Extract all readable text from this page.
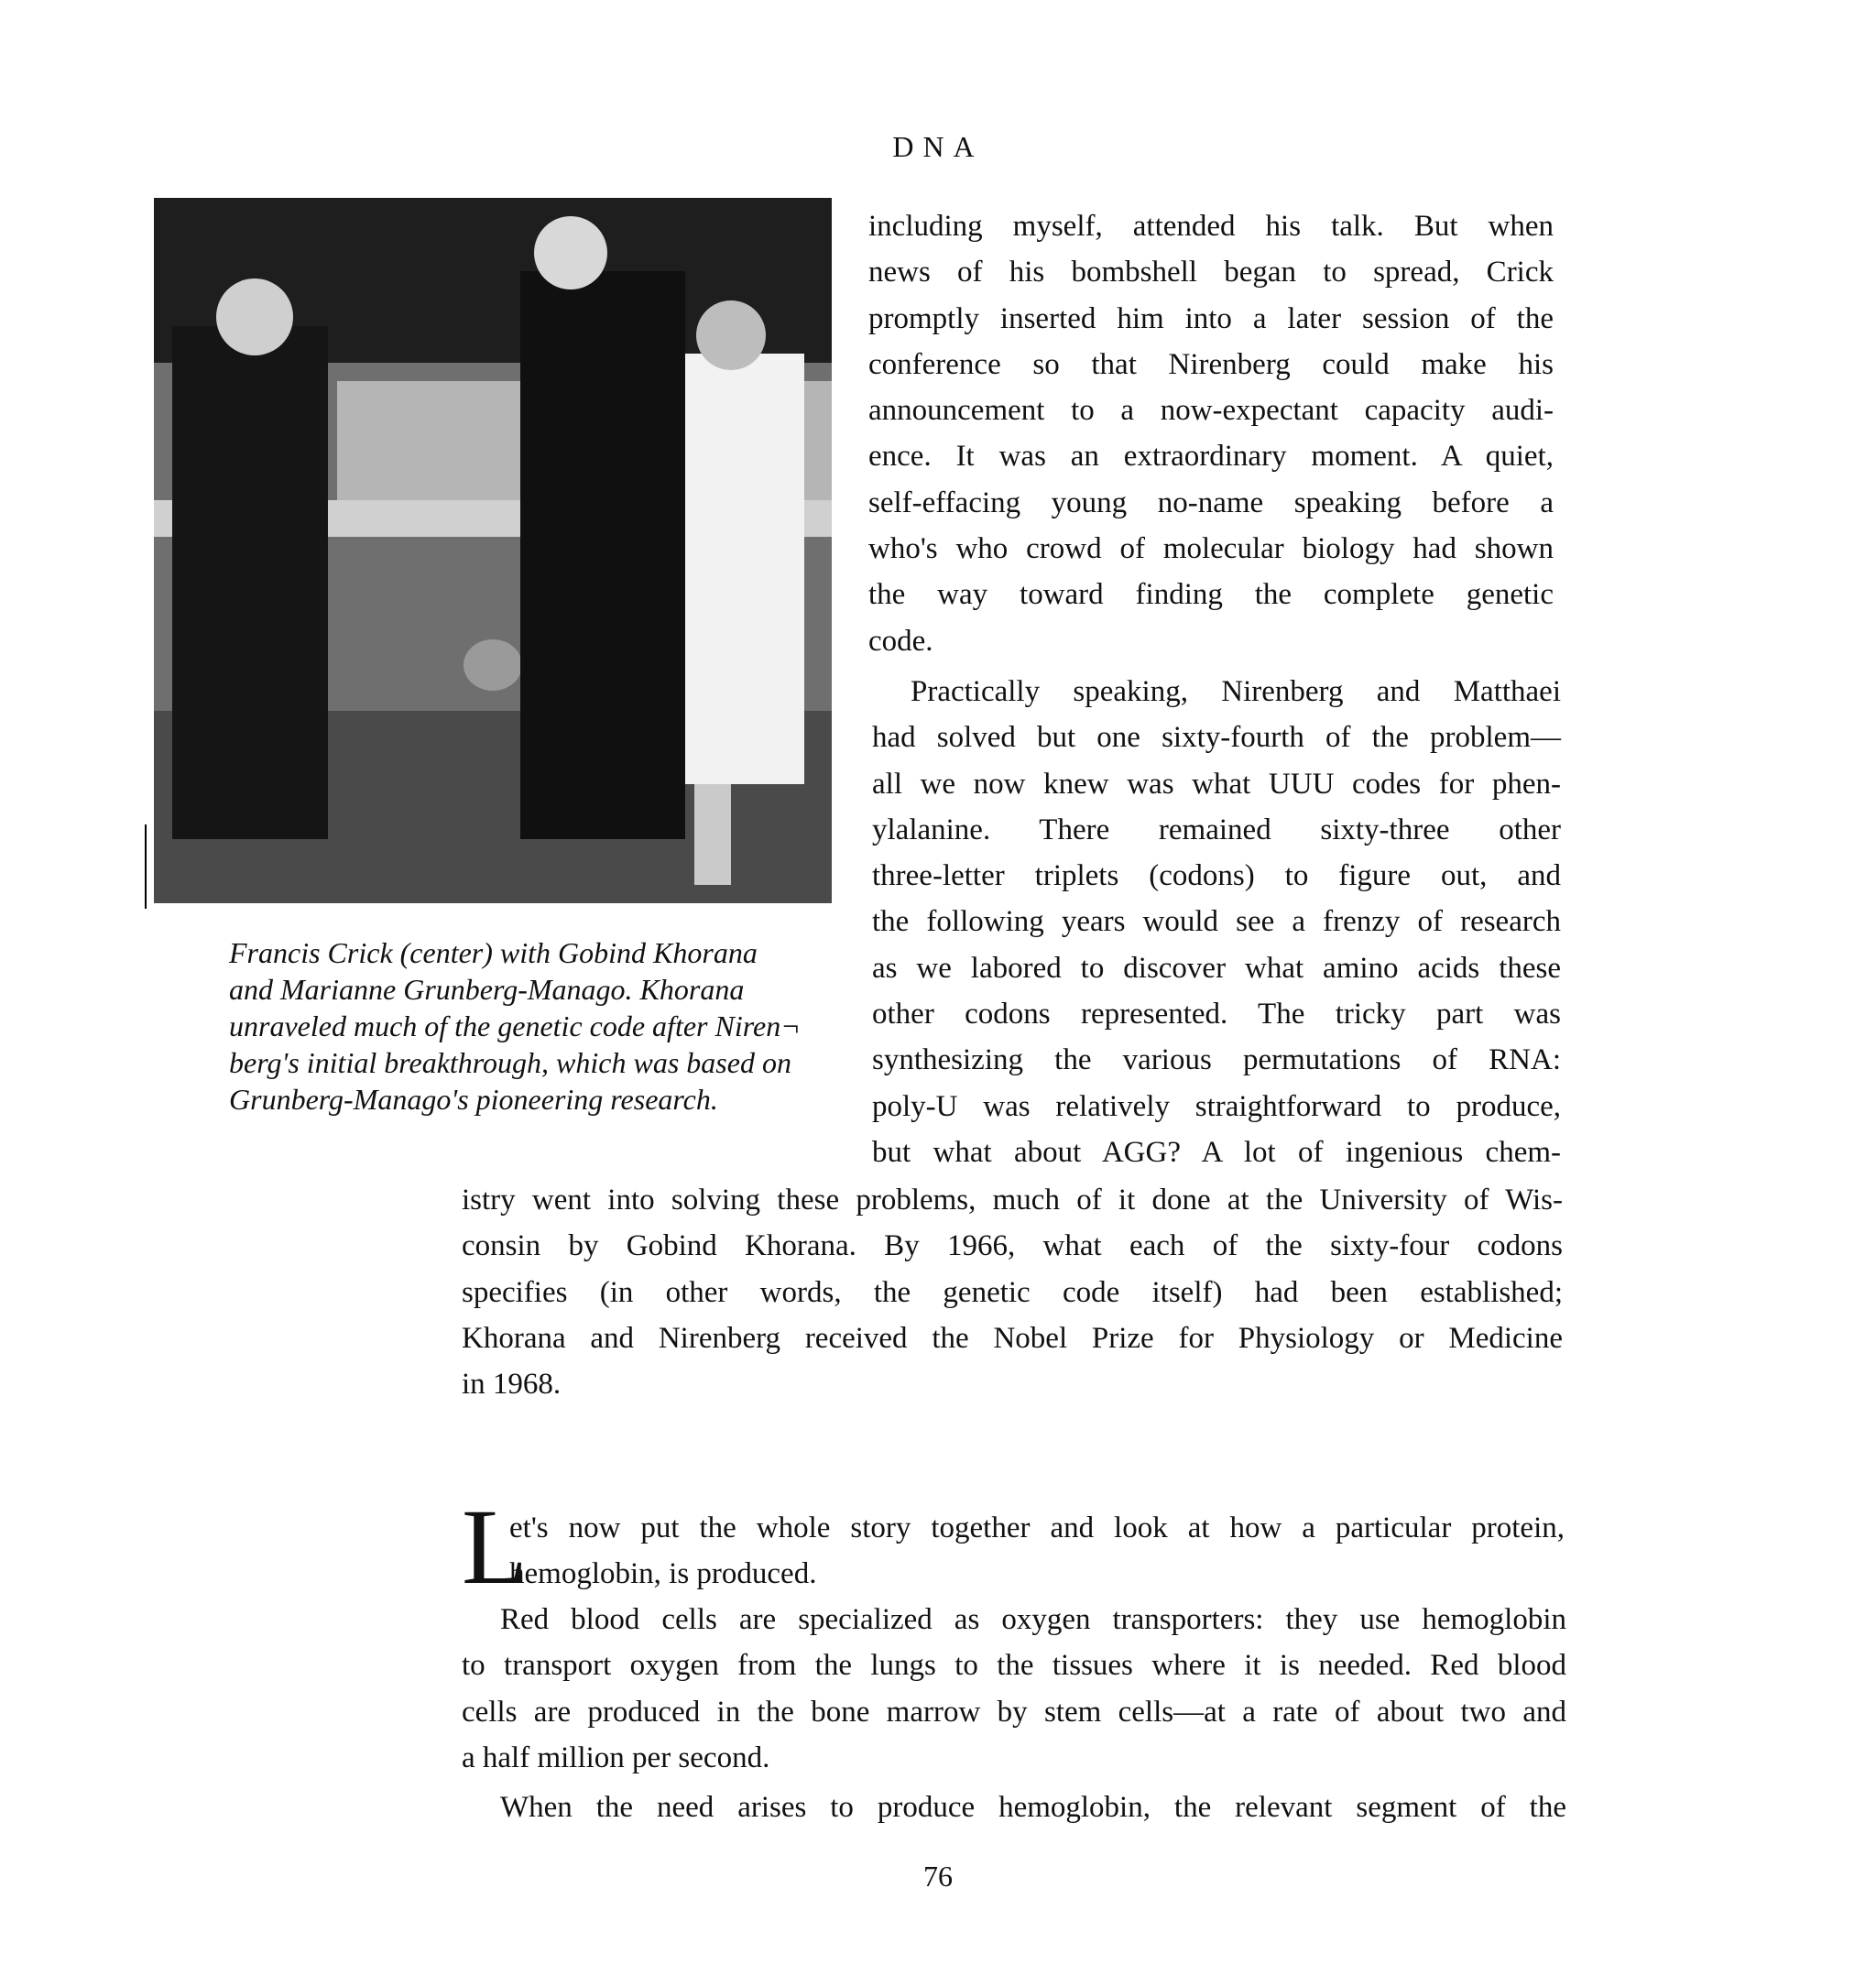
DNA
Francis Crick (center) with Gobind Khorana
and Marianne Grunberg-Manago. Khorana
unraveled much of the genetic code after Niren¬
berg's initial breakthrough, which was based on
Grunberg-Manago's pioneering research.
including myself, attended his talk. But when
news of his bombshell began to spread, Crick
promptly inserted him into a later session of the
conference so that Nirenberg could make his
announcement to a now-expectant capacity audi-
ence. It was an extraordinary moment. A quiet,
self-effacing young no-name speaking before a
who's who crowd of molecular biology had shown
the way toward finding the complete genetic
code.
Practically speaking, Nirenberg and Matthaei
had solved but one sixty-fourth of the problem—
all we now knew was what UUU codes for phen-
ylalanine. There remained sixty-three other
three-letter triplets (codons) to figure out, and
the following years would see a frenzy of research
as we labored to discover what amino acids these
other codons represented. The tricky part was
synthesizing the various permutations of RNA:
poly-U was relatively straightforward to produce,
but what about AGG? A lot of ingenious chem-
istry went into solving these problems, much of it done at the University of Wis-
consin by Gobind Khorana. By 1966, what each of the sixty-four codons
specifies (in other words, the genetic code itself) had been established;
Khorana and Nirenberg received the Nobel Prize for Physiology or Medicine
in 1968.
L
et's now put the whole story together and look at how a particular protein,
hemoglobin, is produced.
Red blood cells are specialized as oxygen transporters: they use hemoglobin
to transport oxygen from the lungs to the tissues where it is needed. Red blood
cells are produced in the bone marrow by stem cells—at a rate of about two and
a half million per second.
When the need arises to produce hemoglobin, the relevant segment of the
76
